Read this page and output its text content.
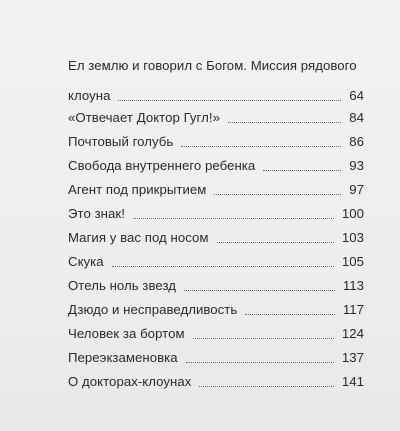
Ел землю и говорил с Богом. Миссия рядового
клоуна	64
«Отвечает Доктор Гугл!»	84
Почтовый голубь	86
Свобода внутреннего ребенка	93
Агент под прикрытием	97
Это знак!	100
Магия у вас под носом	103
Скука	105
Отель ноль звезд	113
Дзюдо и несправедливость	117
Человек за бортом	124
Переэкзаменовка	137
О докторах-клоунах	141
